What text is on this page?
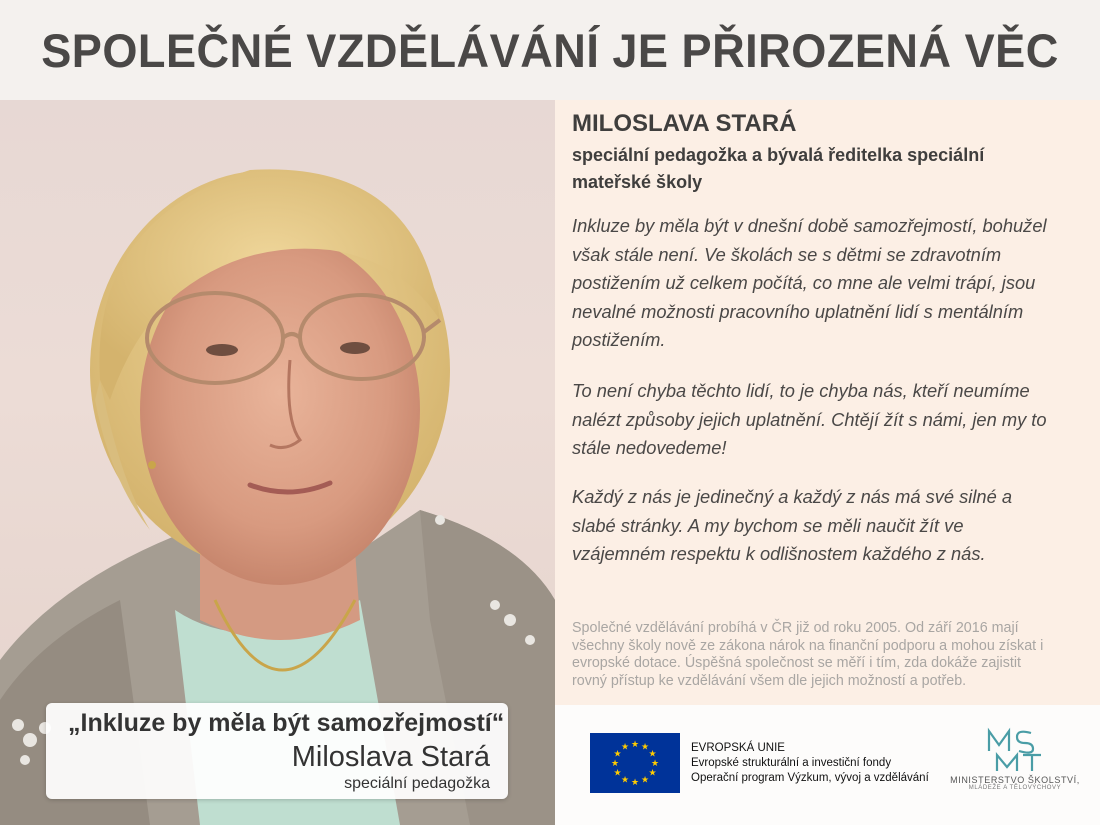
SPOLEČNÉ VZDĚLÁVÁNÍ JE PŘIROZENÁ VĚC
„Inkluze by měla být samozřejmostí“
Miloslava Stará
speciální pedagožka
MILOSLAVA STARÁ
speciální pedagožka a bývalá ředitelka speciální mateřské školy
Inkluze by měla být v dnešní době samozřejmostí, bohužel však stále není. Ve školách se s dětmi se zdravotním postižením už celkem počítá, co mne ale velmi trápí, jsou nevalné možnosti pracovního uplatnění lidí s mentálním postižením.
To není chyba těchto lidí, to je chyba nás, kteří neumíme nalézt způsoby jejich uplatnění. Chtějí žít s námi, jen my to stále nedovedeme!
Každý z nás je jedinečný a každý z nás má své silné a slabé stránky. A my bychom se měli naučit žít ve vzájemném respektu k odlišnostem každého z nás.
Společné vzdělávání probíhá v ČR již od roku 2005. Od září 2016 mají všechny školy nově ze zákona nárok na finanční podporu a mohou získat i evropské dotace. Úspěšná společnost se měří i tím, zda dokáže zajistit rovný přístup ke vzdělávání všem dle jejich možností a potřeb.
★ ★
★
★
★
★
★
★
★
★
★
★	EVROPSKÁ UNIE
Evropské strukturální a investiční fondy
Operační program Výzkum, vývoj a vzdělávání MINISTERSTVO ŠKOLSTVÍ,
MLÁDEŽE A TĚLOVÝCHOVY
